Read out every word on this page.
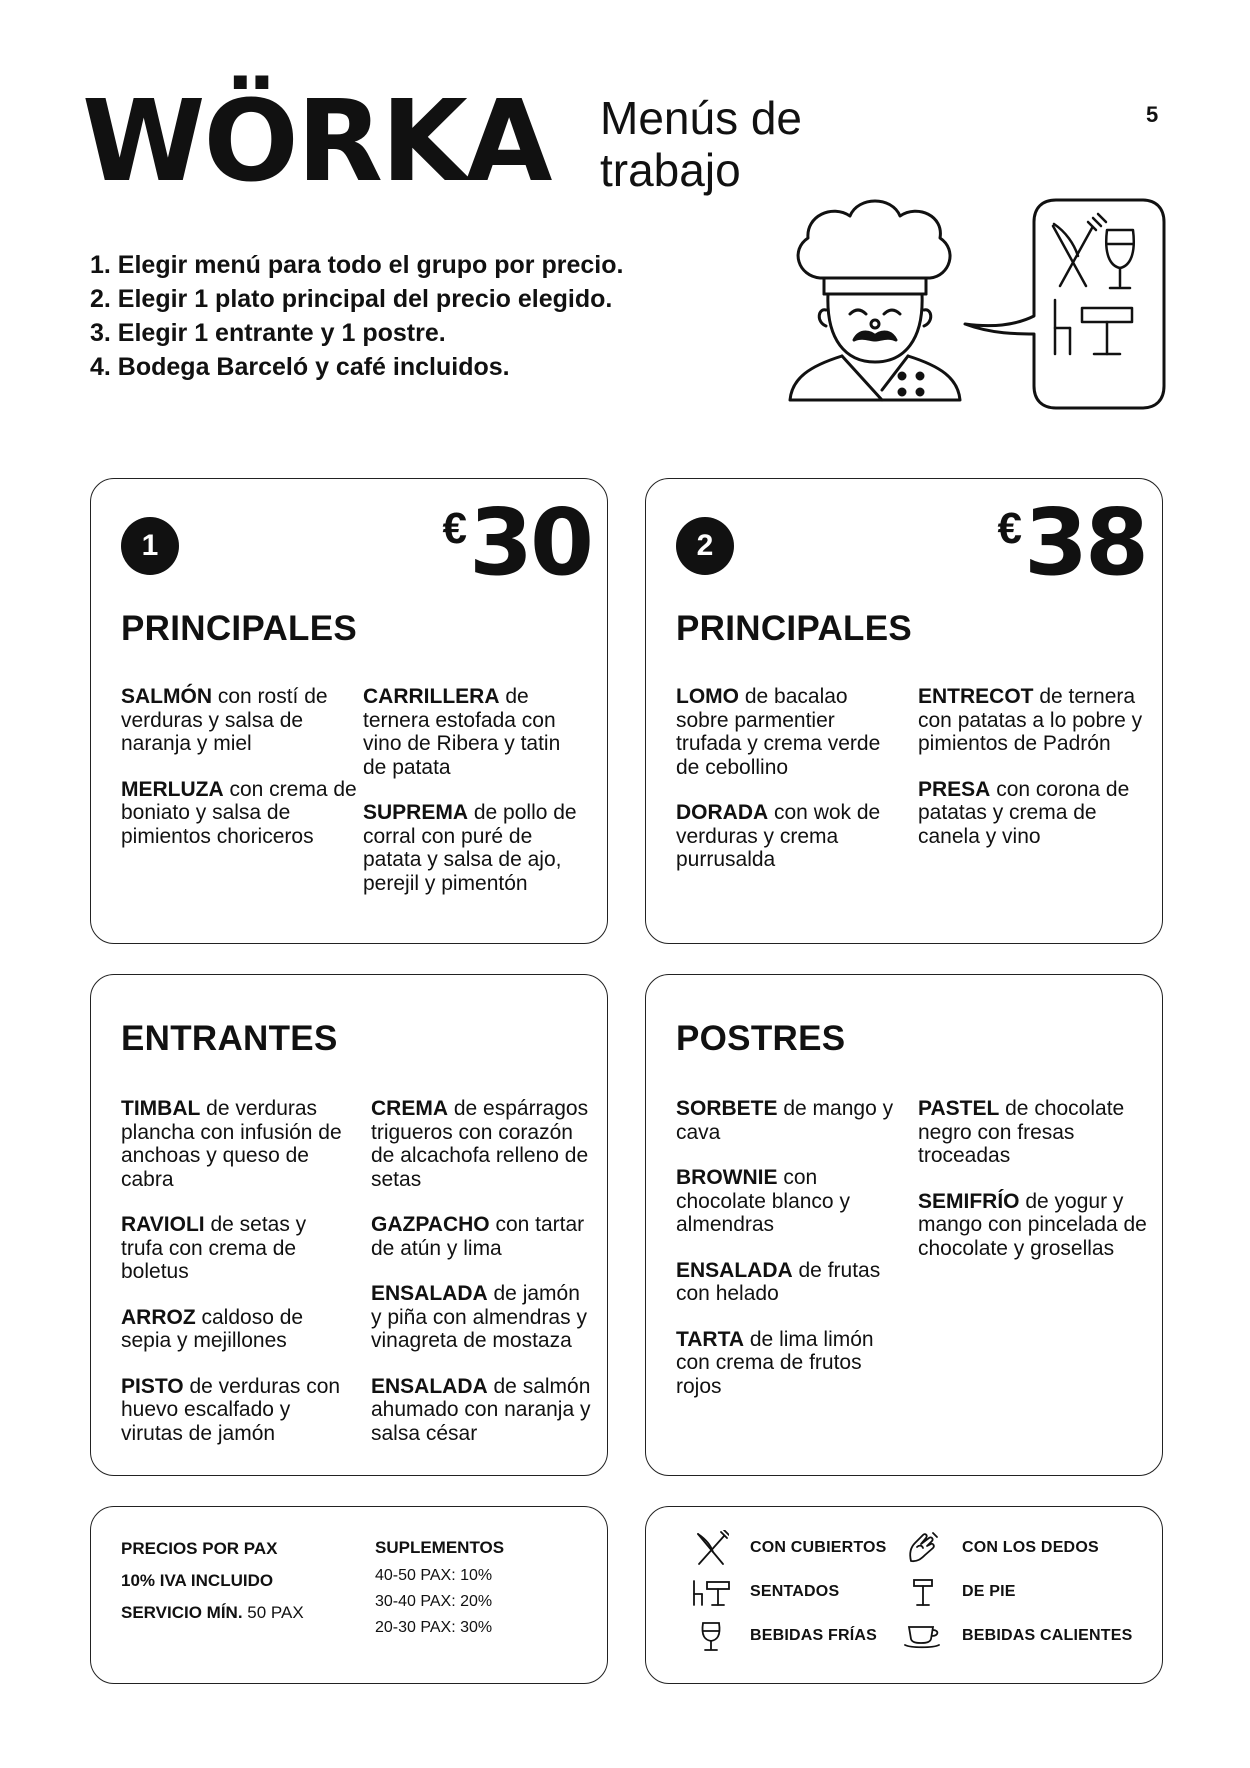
WÖRKA Menús de
trabajo
5
1. Elegir menú para todo el grupo por precio.
2. Elegir 1 plato principal del precio elegido.
3. Elegir 1 entrante y 1 postre.
4. Bodega Barceló y café incluidos.
1	€ 30
PRINCIPALES

SALMÓN con rostí de verduras y salsa de naranja y miel

MERLUZA con crema de boniato y salsa de pimientos choriceros

CARRILLERA de ternera estofada con vino de Ribera y tatin de patata

SUPREMA de pollo de corral con puré de patata y salsa de ajo, perejil y pimentón

2	€ 38
PRINCIPALES

LOMO de bacalao sobre parmentier trufada y crema verde de cebollino

DORADA con wok de verduras y crema purrusalda

ENTRECOT de ternera con patatas a lo pobre y pimientos de Padrón

PRESA con corona de patatas y crema de canela y vino

ENTRANTES

TIMBAL de verduras plancha con infusión de anchoas y queso de cabra

RAVIOLI de setas y trufa con crema de boletus

ARROZ caldoso de sepia y mejillones

PISTO de verduras con huevo escalfado y virutas de jamón

CREMA de espárragos trigueros con corazón de alcachofa relleno de setas

GAZPACHO con tartar de atún y lima

ENSALADA de jamón y piña con almendras y vinagreta de mostaza

ENSALADA de salmón ahumado con naranja y salsa césar

POSTRES

SORBETE de mango y cava

BROWNIE con chocolate blanco y almendras

ENSALADA de frutas con helado

TARTA de lima limón con crema de frutos rojos

PASTEL de chocolate negro con fresas troceadas

SEMIFRÍO de yogur y mango con pincelada de chocolate y grosellas

PRECIOS POR PAX
10% IVA INCLUIDO
SERVICIO MÍN. 50 PAX
SUPLEMENTOS
40-50 PAX: 10%
30-40 PAX: 20%
20-30 PAX: 30%
CON CUBIERTOS	CON LOS DEDOS
SENTADOS	DE PIE
BEBIDAS FRÍAS	BEBIDAS CALIENTES
